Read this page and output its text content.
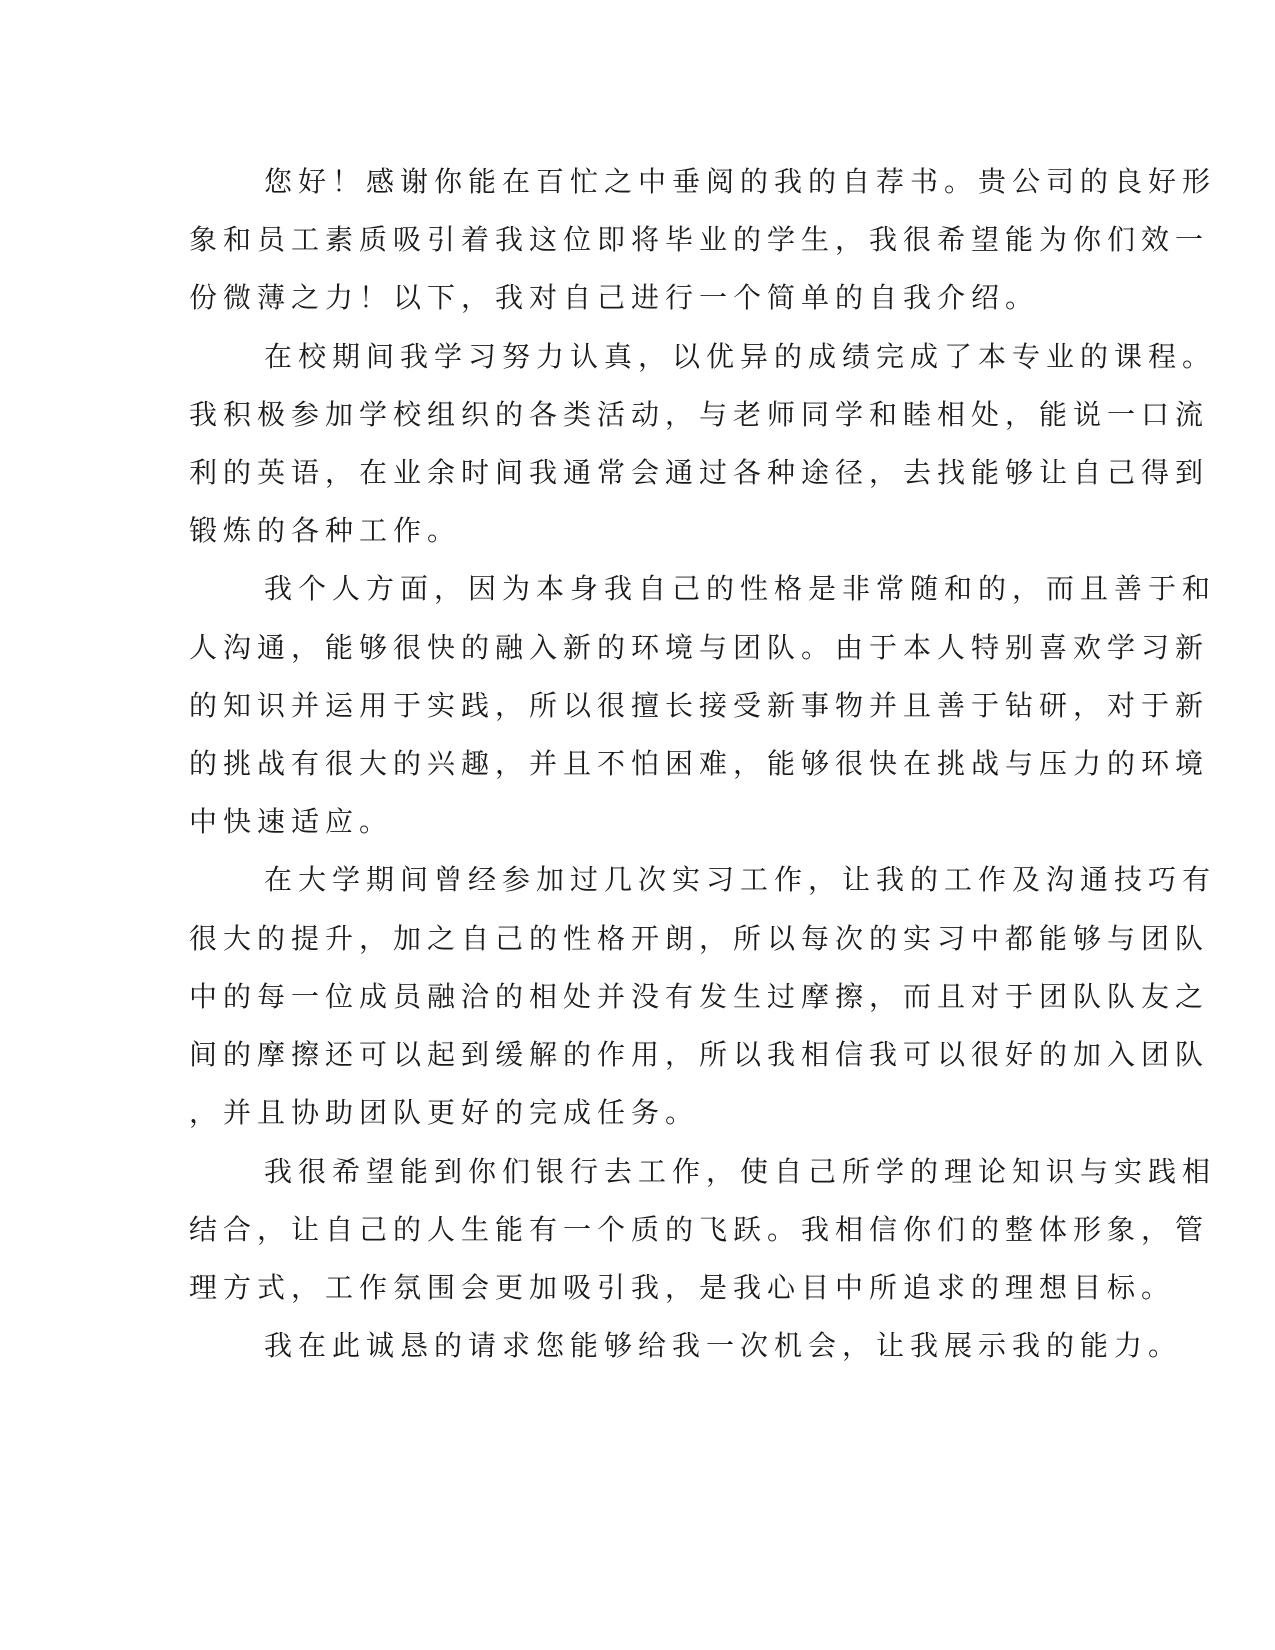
您好！感谢你能在百忙之中垂阅的我的自荐书。贵公司的良好形
象和员工素质吸引着我这位即将毕业的学生，我很希望能为你们效一
份微薄之力！以下，我对自己进行一个简单的自我介绍。
在校期间我学习努力认真，以优异的成绩完成了本专业的课程。
我积极参加学校组织的各类活动，与老师同学和睦相处，能说一口流
利的英语，在业余时间我通常会通过各种途径，去找能够让自己得到
锻炼的各种工作。
我个人方面，因为本身我自己的性格是非常随和的，而且善于和
人沟通，能够很快的融入新的环境与团队。由于本人特别喜欢学习新
的知识并运用于实践，所以很擅长接受新事物并且善于钻研，对于新
的挑战有很大的兴趣，并且不怕困难，能够很快在挑战与压力的环境
中快速适应。
在大学期间曾经参加过几次实习工作，让我的工作及沟通技巧有
很大的提升，加之自己的性格开朗，所以每次的实习中都能够与团队
中的每一位成员融洽的相处并没有发生过摩擦，而且对于团队队友之
间的摩擦还可以起到缓解的作用，所以我相信我可以很好的加入团队
，并且协助团队更好的完成任务。
我很希望能到你们银行去工作，使自己所学的理论知识与实践相
结合，让自己的人生能有一个质的飞跃。我相信你们的整体形象，管
理方式，工作氛围会更加吸引我，是我心目中所追求的理想目标。
我在此诚恳的请求您能够给我一次机会，让我展示我的能力。
